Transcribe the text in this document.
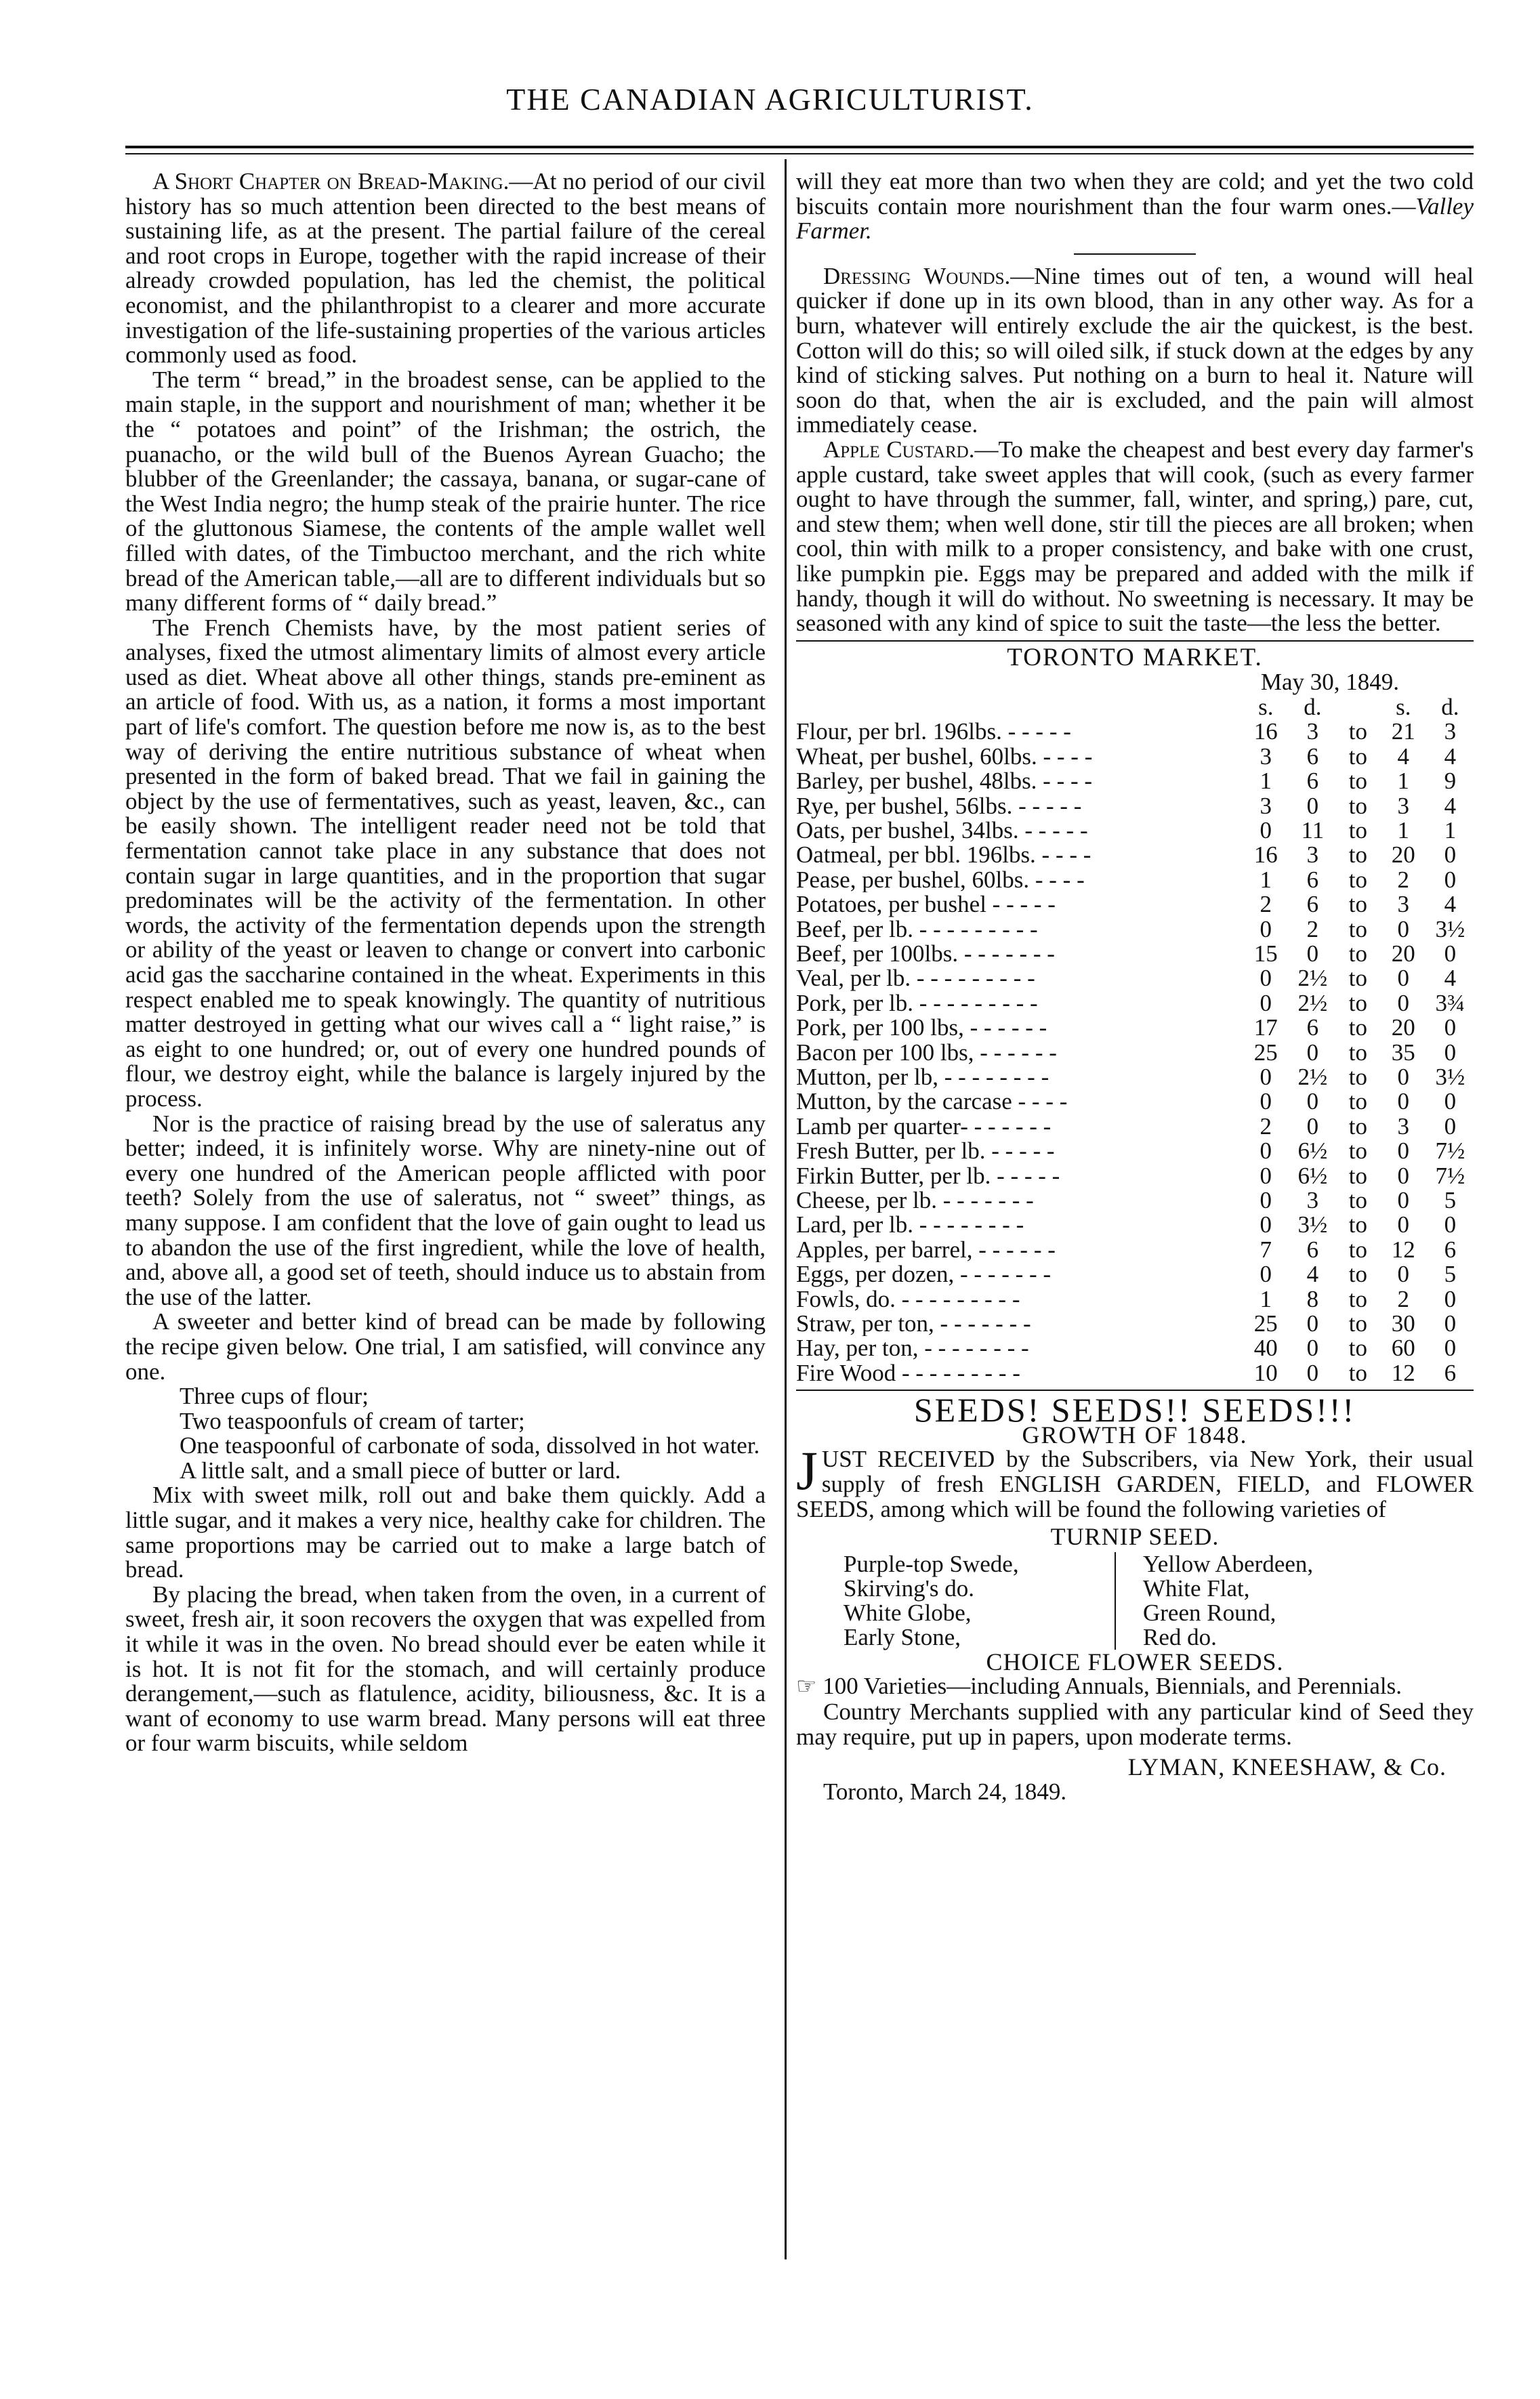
THE CANADIAN AGRICULTURIST.

A Short Chapter on Bread-Making.—At no period of our civil history has so much attention been directed to the best means of sustaining life, as at the present. The partial failure of the cereal and root crops in Europe, together with the rapid increase of their already crowded population, has led the chemist, the political economist, and the philanthropist to a clearer and more accurate investigation of the life-sustaining properties of the various articles commonly used as food.

The term “ bread,” in the broadest sense, can be applied to the main staple, in the support and nourishment of man; whether it be the “ potatoes and point” of the Irishman; the ostrich, the puanacho, or the wild bull of the Buenos Ayrean Guacho; the blubber of the Greenlander; the cassaya, banana, or sugar-cane of the West India negro; the hump steak of the prairie hunter. The rice of the gluttonous Siamese, the contents of the ample wallet well filled with dates, of the Timbuctoo merchant, and the rich white bread of the American table,—all are to different individuals but so many different forms of “ daily bread.”

The French Chemists have, by the most patient series of analyses, fixed the utmost alimentary limits of almost every article used as diet. Wheat above all other things, stands pre-eminent as an article of food. With us, as a nation, it forms a most important part of life's comfort. The question before me now is, as to the best way of deriving the entire nutritious substance of wheat when presented in the form of baked bread. That we fail in gaining the object by the use of fermentatives, such as yeast, leaven, &c., can be easily shown. The intelligent reader need not be told that fermentation cannot take place in any substance that does not contain sugar in large quantities, and in the proportion that sugar predominates will be the activity of the fermentation. In other words, the activity of the fermentation depends upon the strength or ability of the yeast or leaven to change or convert into carbonic acid gas the saccharine contained in the wheat. Experiments in this respect enabled me to speak knowingly. The quantity of nutritious matter destroyed in getting what our wives call a “ light raise,” is as eight to one hundred; or, out of every one hundred pounds of flour, we destroy eight, while the balance is largely injured by the process.

Nor is the practice of raising bread by the use of saleratus any better; indeed, it is infinitely worse. Why are ninety-nine out of every one hundred of the American people afflicted with poor teeth? Solely from the use of saleratus, not “ sweet” things, as many suppose. I am confident that the love of gain ought to lead us to abandon the use of the first ingredient, while the love of health, and, above all, a good set of teeth, should induce us to abstain from the use of the latter.

A sweeter and better kind of bread can be made by following the recipe given below. One trial, I am satisfied, will convince any one.

Three cups of flour;

Two teaspoonfuls of cream of tarter;

One teaspoonful of carbonate of soda, dissolved in hot water.

A little salt, and a small piece of butter or lard.

Mix with sweet milk, roll out and bake them quickly. Add a little sugar, and it makes a very nice, healthy cake for children. The same proportions may be carried out to make a large batch of bread.

By placing the bread, when taken from the oven, in a current of sweet, fresh air, it soon recovers the oxygen that was expelled from it while it was in the oven. No bread should ever be eaten while it is hot. It is not fit for the stomach, and will certainly produce derangement,—such as flatulence, acidity, biliousness, &c. It is a want of economy to use warm bread. Many persons will eat three or four warm biscuits, while seldom

will they eat more than two when they are cold; and yet the two cold biscuits contain more nourishment than the four warm ones.—Valley Farmer.

Dressing Wounds.—Nine times out of ten, a wound will heal quicker if done up in its own blood, than in any other way. As for a burn, whatever will entirely exclude the air the quickest, is the best. Cotton will do this; so will oiled silk, if stuck down at the edges by any kind of sticking salves. Put nothing on a burn to heal it. Nature will soon do that, when the air is excluded, and the pain will almost immediately cease.

Apple Custard.—To make the cheapest and best every day farmer's apple custard, take sweet apples that will cook, (such as every farmer ought to have through the summer, fall, winter, and spring,) pare, cut, and stew them; when well done, stir till the pieces are all broken; when cool, thin with milk to a proper consistency, and bake with one crust, like pumpkin pie. Eggs may be prepared and added with the milk if handy, though it will do without. No sweetning is necessary. It may be seasoned with any kind of spice to suit the taste—the less the better.

TORONTO MARKET.
May 30, 1849.
	s.	d.		s.	d.
Flour, per brl. 196lbs. - - - - -	16	3	to	21	3
Wheat, per bushel, 60lbs. - - - -	3	6	to	4	4
Barley, per bushel, 48lbs. - - - -	1	6	to	1	9
Rye, per bushel, 56lbs. - - - - -	3	0	to	3	4
Oats, per bushel, 34lbs. - - - - -	0	11	to	1	1
Oatmeal, per bbl. 196lbs. - - - -	16	3	to	20	0
Pease, per bushel, 60lbs. - - - -	1	6	to	2	0
Potatoes, per bushel - - - - -	2	6	to	3	4
Beef, per lb. - - - - - - - - -	0	2	to	0	3½
Beef, per 100lbs. - - - - - - -	15	0	to	20	0
Veal, per lb. - - - - - - - - -	0	2½	to	0	4
Pork, per lb. - - - - - - - - -	0	2½	to	0	3¾
Pork, per 100 lbs, - - - - - -	17	6	to	20	0
Bacon per 100 lbs, - - - - - -	25	0	to	35	0
Mutton, per lb, - - - - - - - -	0	2½	to	0	3½
Mutton, by the carcase - - - -	0	0	to	0	0
Lamb per quarter- - - - - - -	2	0	to	3	0
Fresh Butter, per lb. - - - - -	0	6½	to	0	7½
Firkin Butter, per lb. - - - - -	0	6½	to	0	7½
Cheese, per lb. - - - - - - -	0	3	to	0	5
Lard, per lb. - - - - - - - -	0	3½	to	0	0
Apples, per barrel, - - - - - -	7	6	to	12	6
Eggs, per dozen, - - - - - - -	0	4	to	0	5
Fowls, do. - - - - - - - - -	1	8	to	2	0
Straw, per ton, - - - - - - -	25	0	to	30	0
Hay, per ton, - - - - - - - -	40	0	to	60	0
Fire Wood - - - - - - - - -	10	0	to	12	6
SEEDS! SEEDS!! SEEDS!!!
GROWTH OF 1848.

JUST RECEIVED by the Subscribers, via New York, their usual supply of fresh ENGLISH GARDEN, FIELD, and FLOWER SEEDS, among which will be found the following varieties of

TURNIP SEED.
Purple-top Swede,
Skirving's do.
White Globe,
Early Stone,
Yellow Aberdeen,
White Flat,
Green Round,
Red do.
CHOICE FLOWER SEEDS.

☞ 100 Varieties—including Annuals, Biennials, and Perennials.

Country Merchants supplied with any particular kind of Seed they may require, put up in papers, upon moderate terms.

LYMAN, KNEESHAW, & Co.
Toronto, March 24, 1849.
